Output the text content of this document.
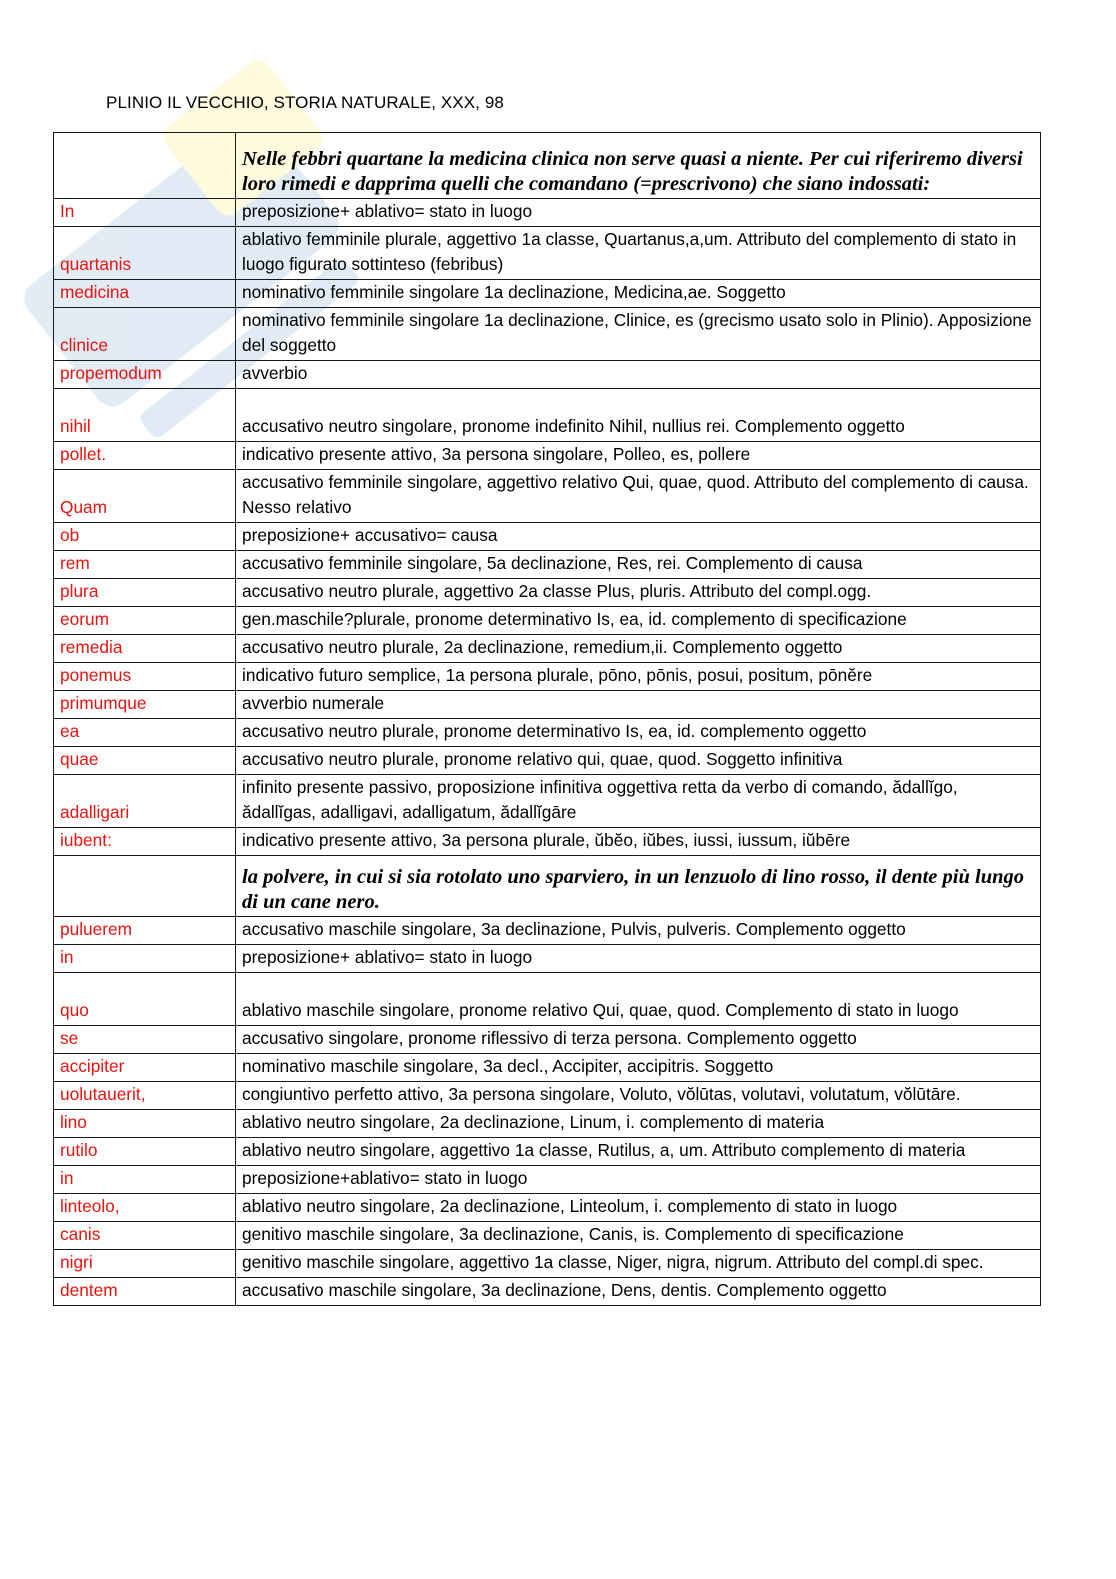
PLINIO IL VECCHIO, STORIA NATURALE, XXX, 98
	Nelle febbri quartane la medicina clinica non serve quasi a niente. Per cui riferiremo diversi loro rimedi e dapprima quelli che comandano (=prescrivono) che siano indossati:
In	preposizione+ ablativo= stato in luogo
quartanis	ablativo femminile plurale, aggettivo 1a classe, Quartanus,a,um. Attributo del complemento di stato in luogo figurato sottinteso (febribus)
medicina	nominativo femminile singolare 1a declinazione, Medicina,ae. Soggetto
clinice	nominativo femminile singolare 1a declinazione, Clinice, es (grecismo usato solo in Plinio). Apposizione del soggetto
propemodum	avverbio
nihil	accusativo neutro singolare, pronome indefinito Nihil, nullius rei. Complemento oggetto
pollet.	indicativo presente attivo, 3a persona singolare, Polleo, es, pollere
Quam	accusativo femminile singolare, aggettivo relativo Qui, quae, quod. Attributo del complemento di causa. Nesso relativo
ob	preposizione+ accusativo= causa
rem	accusativo femminile singolare, 5a declinazione, Res, rei. Complemento di causa
plura	accusativo neutro plurale, aggettivo 2a classe Plus, pluris. Attributo del compl.ogg.
eorum	gen.maschile?plurale, pronome determinativo Is, ea, id. complemento di specificazione
remedia	accusativo neutro plurale, 2a declinazione, remedium,ii. Complemento oggetto
ponemus	indicativo futuro semplice, 1a persona plurale, pōno, pōnis, posui, positum, pōnĕre
primumque	avverbio numerale
ea	accusativo neutro plurale, pronome determinativo Is, ea, id. complemento oggetto
quae	accusativo neutro plurale, pronome relativo qui, quae, quod. Soggetto infinitiva
adalligari	infinito presente passivo, proposizione infinitiva oggettiva retta da verbo di comando, ădallĭgo, ădallĭgas, adalligavi, adalligatum, ădallĭgāre
iubent:	indicativo presente attivo, 3a persona plurale, ŭbĕo, iŭbes, iussi, iussum, iŭbēre
	la polvere, in cui si sia rotolato uno sparviero, in un lenzuolo di lino rosso, il dente più lungo di un cane nero.
puluerem	accusativo maschile singolare, 3a declinazione, Pulvis, pulveris. Complemento oggetto
in	preposizione+ ablativo= stato in luogo
quo	ablativo maschile singolare, pronome relativo Qui, quae, quod. Complemento di stato in luogo
se	accusativo singolare, pronome riflessivo di terza persona. Complemento oggetto
accipiter	nominativo maschile singolare, 3a decl., Accipiter, accipitris. Soggetto
uolutauerit,	congiuntivo perfetto attivo, 3a persona singolare, Voluto, vŏlūtas, volutavi, volutatum, vŏlūtāre.
lino	ablativo neutro singolare, 2a declinazione, Linum, i. complemento di materia
rutilo	ablativo neutro singolare, aggettivo 1a classe, Rutilus, a, um. Attributo complemento di materia
in	preposizione+ablativo= stato in luogo
linteolo,	ablativo neutro singolare, 2a declinazione, Linteolum, i. complemento di stato in luogo
canis	genitivo maschile singolare, 3a declinazione, Canis, is. Complemento di specificazione
nigri	genitivo maschile singolare, aggettivo 1a classe, Niger, nigra, nigrum. Attributo del compl.di spec.
dentem	accusativo maschile singolare, 3a declinazione, Dens, dentis. Complemento oggetto
